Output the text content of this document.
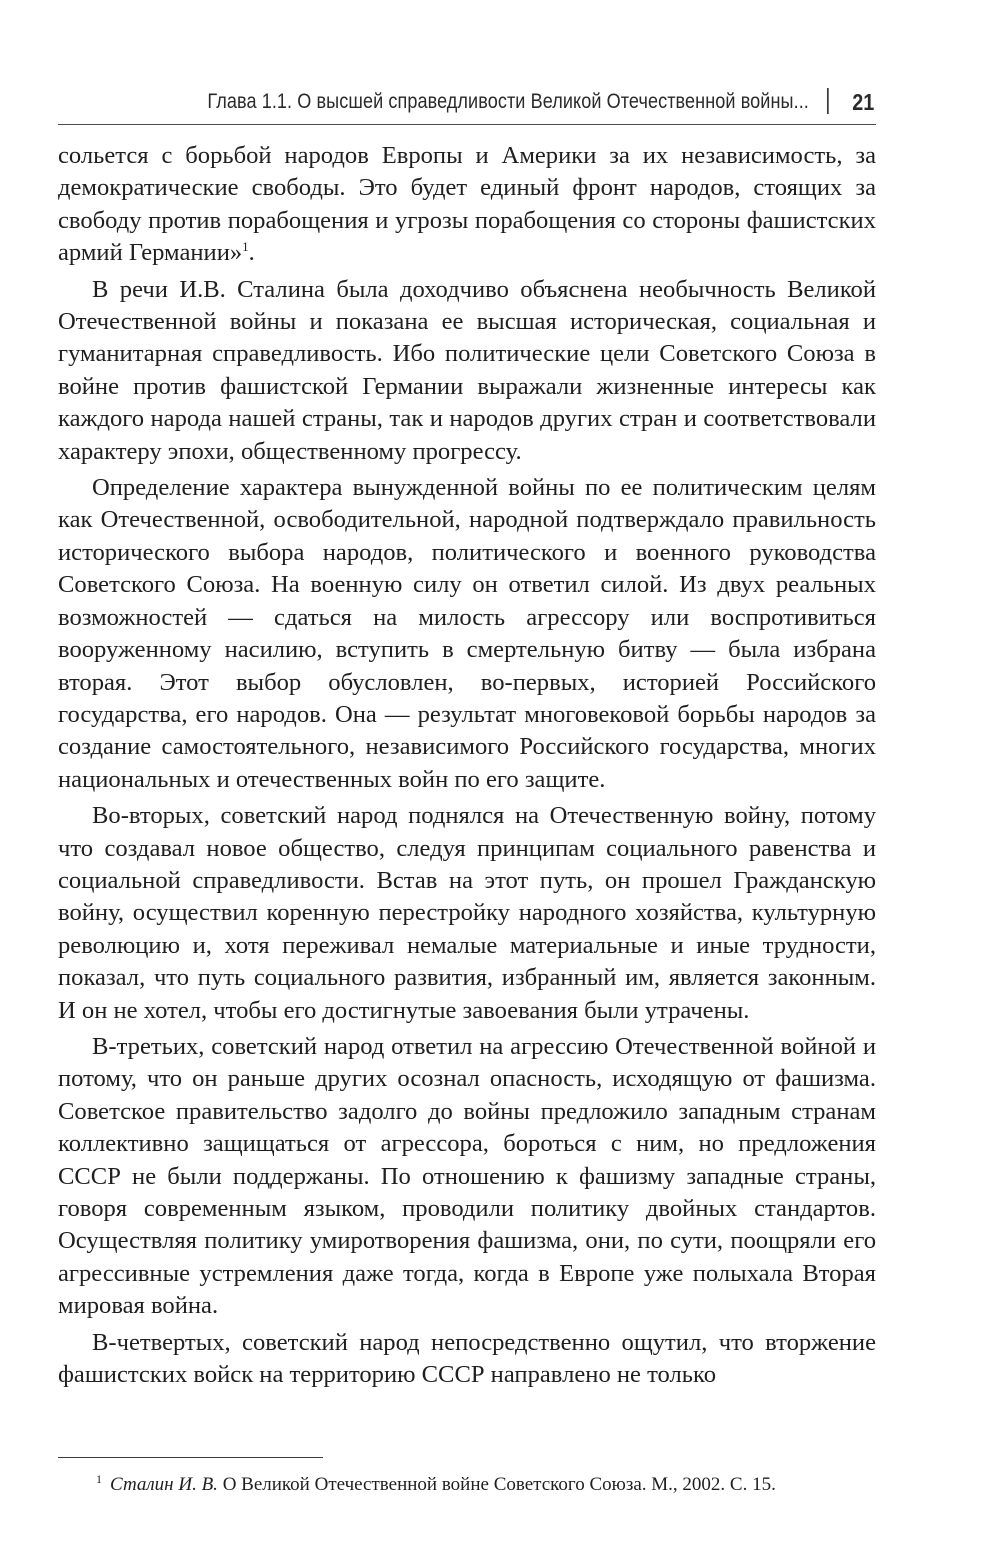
Глава 1.1. О высшей справедливости Великой Отечественной войны... 21

сольется с борьбой народов Европы и Америки за их независимость, за демократические свободы. Это будет единый фронт народов, стоящих за свободу против порабощения и угрозы порабощения со стороны фашистских армий Германии»$^1$.

В речи И.В. Сталина была доходчиво объяснена необычность Великой Отечественной войны и показана ее высшая историческая, социальная и гуманитарная справедливость. Ибо политические цели Советского Союза в войне против фашистской Германии выражали жизненные интересы как каждого народа нашей страны, так и народов других стран и соответствовали характеру эпохи, общественному прогрессу.

Определение характера вынужденной войны по ее политическим целям как Отечественной, освободительной, народной подтверждало правильность исторического выбора народов, политического и военного руководства Советского Союза. На военную силу он ответил силой. Из двух реальных возможностей — сдаться на милость агрессору или воспротивиться вооруженному насилию, вступить в смертельную битву — была избрана вторая. Этот выбор обусловлен, во-первых, историей Российского государства, его народов. Она — результат многовековой борьбы народов за создание самостоятельного, независимого Российского государства, многих национальных и отечественных войн по его защите.

Во-вторых, советский народ поднялся на Отечественную войну, потому что создавал новое общество, следуя принципам социального равенства и социальной справедливости. Встав на этот путь, он прошел Гражданскую войну, осуществил коренную перестройку народного хозяйства, культурную революцию и, хотя переживал немалые материальные и иные трудности, показал, что путь социального развития, избранный им, является законным. И он не хотел, чтобы его достигнутые завоевания были утрачены.

В-третьих, советский народ ответил на агрессию Отечественной войной и потому, что он раньше других осознал опасность, исходящую от фашизма. Советское правительство задолго до войны предложило западным странам коллективно защищаться от агрессора, бороться с ним, но предложения СССР не были поддержаны. По отношению к фашизму западные страны, говоря современным языком, проводили политику двойных стандартов. Осуществляя политику умиротворения фашизма, они, по сути, поощряли его агрессивные устремления даже тогда, когда в Европе уже полыхала Вторая мировая война.

В-четвертых, советский народ непосредственно ощутил, что вторжение фашистских войск на территорию СССР направлено не только

$^1$ Сталин И. В. О Великой Отечественной войне Советского Союза. М., 2002. С. 15.
